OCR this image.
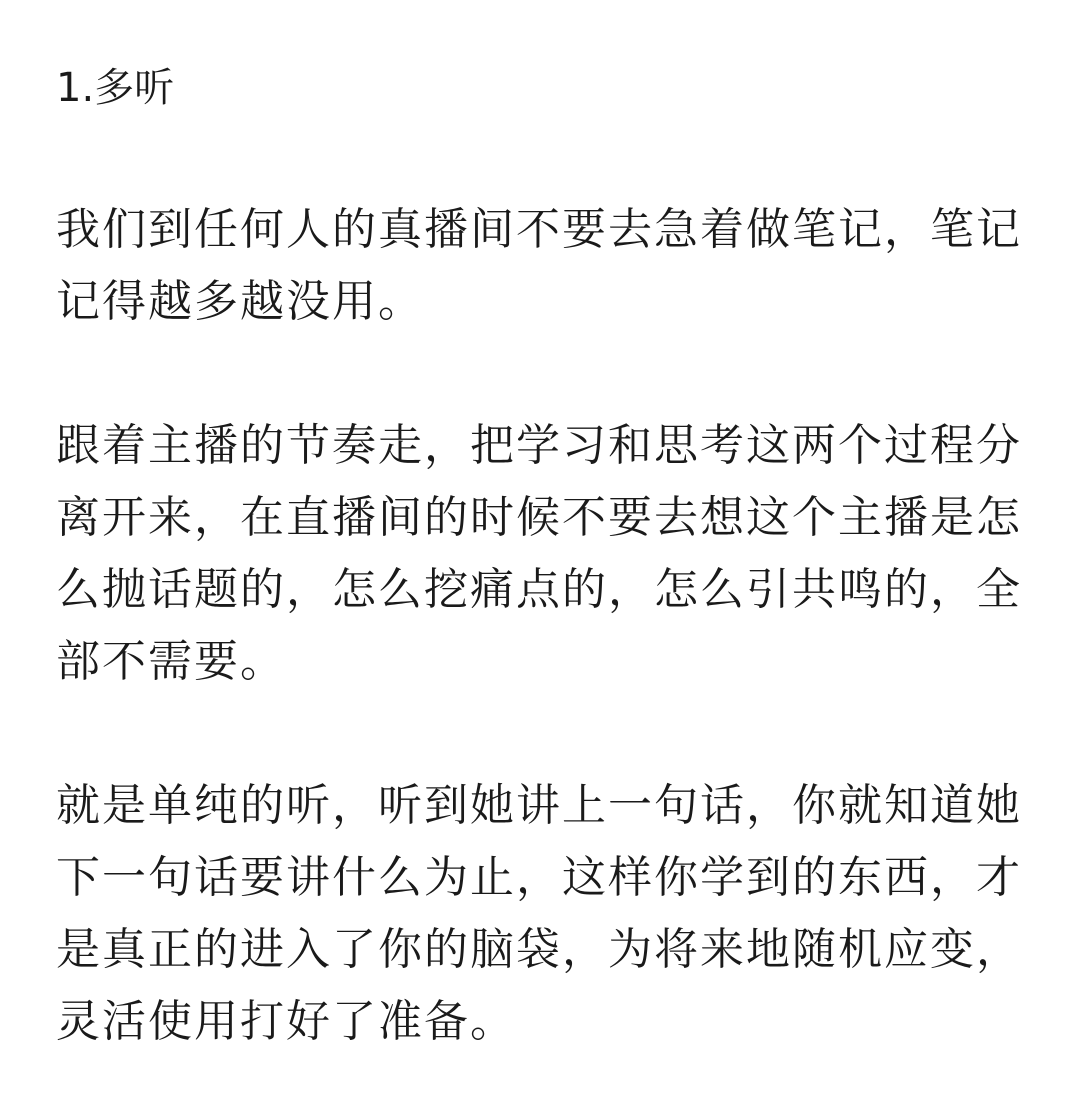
1.多听

我们到任何人的真播间不要去急着做笔记，笔记记得越多越没用。

跟着主播的节奏走，把学习和思考这两个过程分离开来，在直播间的时候不要去想这个主播是怎么抛话题的，怎么挖痛点的，怎么引共鸣的，全部不需要。

就是单纯的听，听到她讲上一句话，你就知道她下一句话要讲什么为止，这样你学到的东西，才是真正的进入了你的脑袋，为将来地随机应变，灵活使用打好了准备。
